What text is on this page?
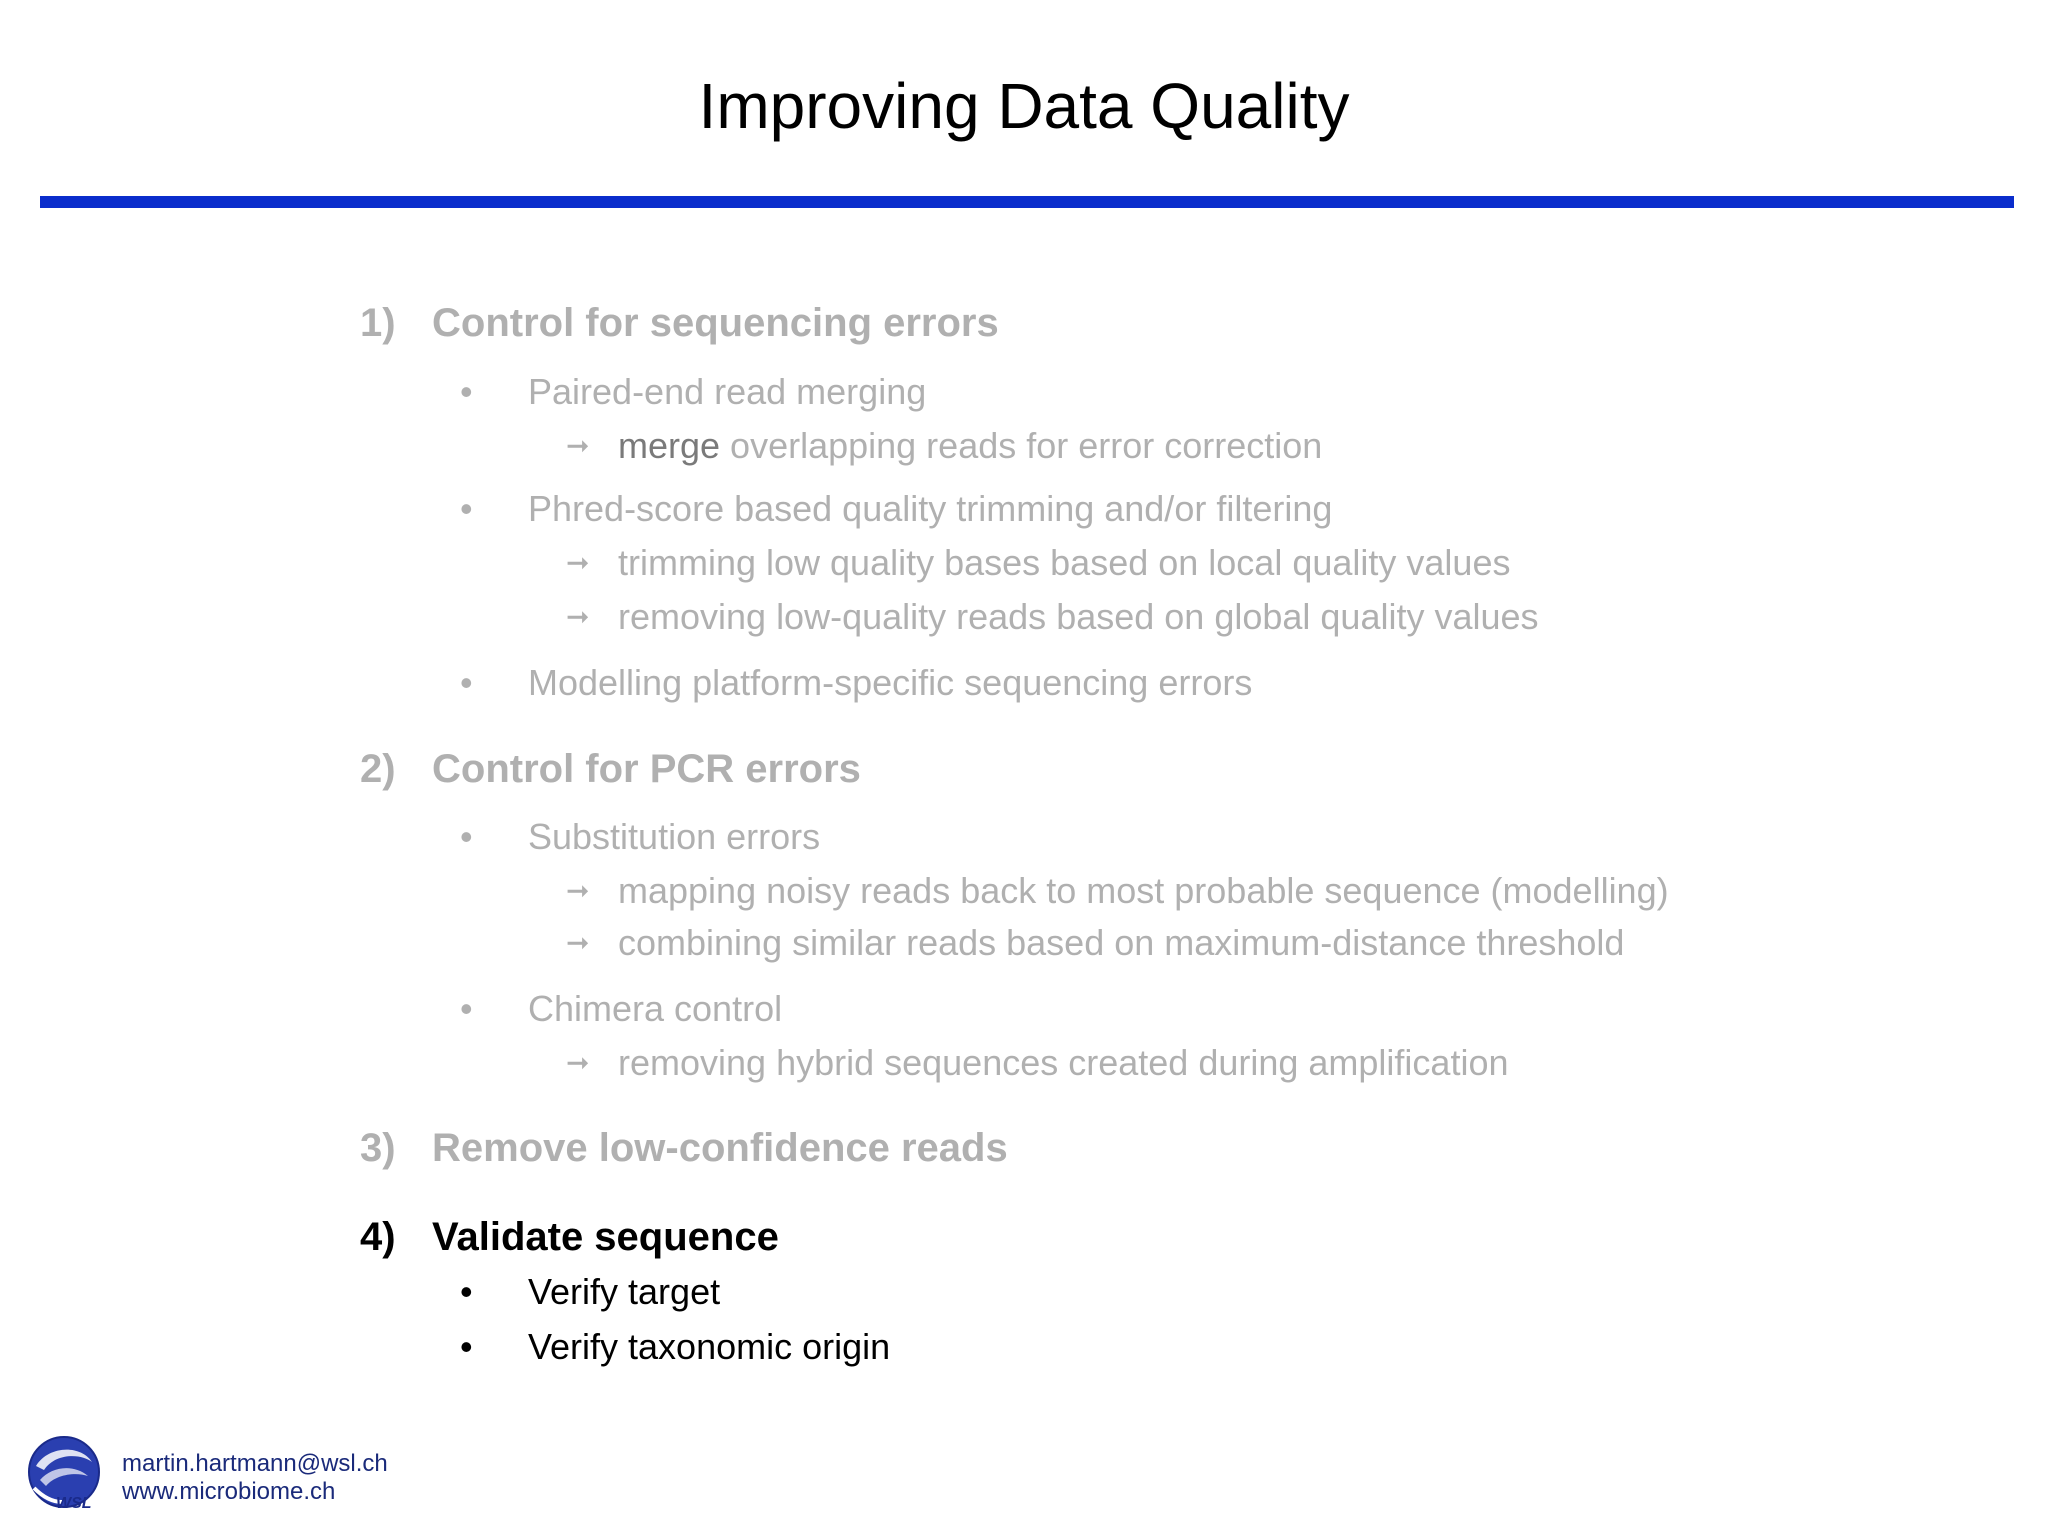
Improving Data Quality
1) Control for sequencing errors
• Paired-end read merging
➞ merge overlapping reads for error correction
• Phred-score based quality trimming and/or filtering
➞ trimming low quality bases based on local quality values
➞ removing low-quality reads based on global quality values
• Modelling platform-specific sequencing errors
2) Control for PCR errors
• Substitution errors
➞ mapping noisy reads back to most probable sequence (modelling)
➞ combining similar reads based on maximum-distance threshold
• Chimera control
➞ removing hybrid sequences created during amplification
3) Remove low-confidence reads
4) Validate sequence
• Verify target
• Verify taxonomic origin
WSL
martin.hartmann@wsl.ch
www.microbiome.ch
